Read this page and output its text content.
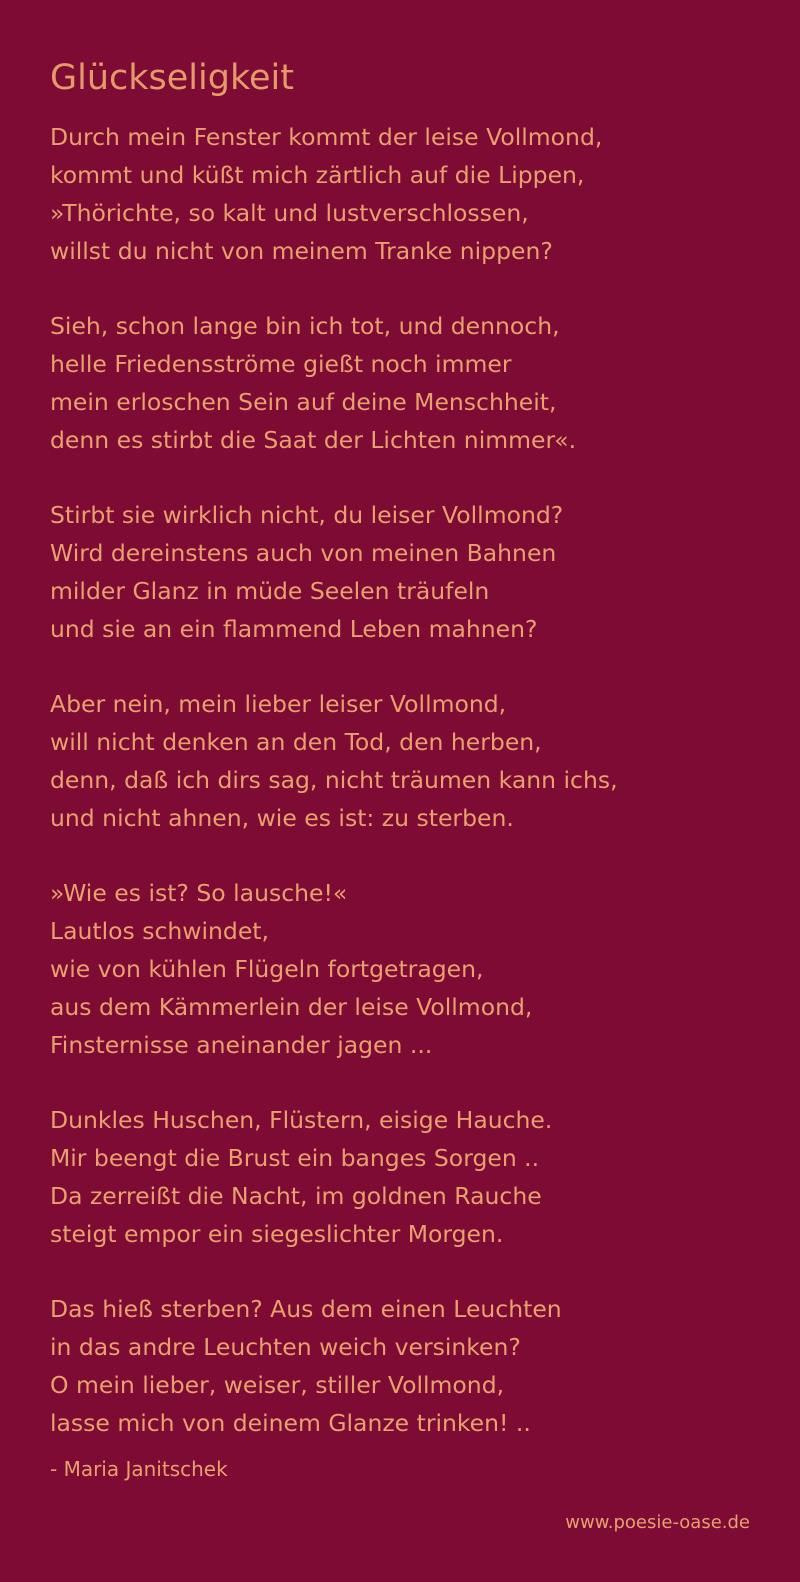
Glückseligkeit
Durch mein Fenster kommt der leise Vollmond,
kommt und küßt mich zärtlich auf die Lippen,
»Thörichte, so kalt und lustverschlossen,
willst du nicht von meinem Tranke nippen?
Sieh, schon lange bin ich tot, und dennoch,
helle Friedensströme gießt noch immer
mein erloschen Sein auf deine Menschheit,
denn es stirbt die Saat der Lichten nimmer«.
Stirbt sie wirklich nicht, du leiser Vollmond?
Wird dereinstens auch von meinen Bahnen
milder Glanz in müde Seelen träufeln
und sie an ein flammend Leben mahnen?
Aber nein, mein lieber leiser Vollmond,
will nicht denken an den Tod, den herben,
denn, daß ich dirs sag, nicht träumen kann ichs,
und nicht ahnen, wie es ist: zu sterben.
»Wie es ist? So lausche!«
Lautlos schwindet,
wie von kühlen Flügeln fortgetragen,
aus dem Kämmerlein der leise Vollmond,
Finsternisse aneinander jagen ...
Dunkles Huschen, Flüstern, eisige Hauche.
Mir beengt die Brust ein banges Sorgen ..
Da zerreißt die Nacht, im goldnen Rauche
steigt empor ein siegeslichter Morgen.
Das hieß sterben? Aus dem einen Leuchten
in das andre Leuchten weich versinken?
O mein lieber, weiser, stiller Vollmond,
lasse mich von deinem Glanze trinken! ..
- Maria Janitschek
www.poesie-oase.de
